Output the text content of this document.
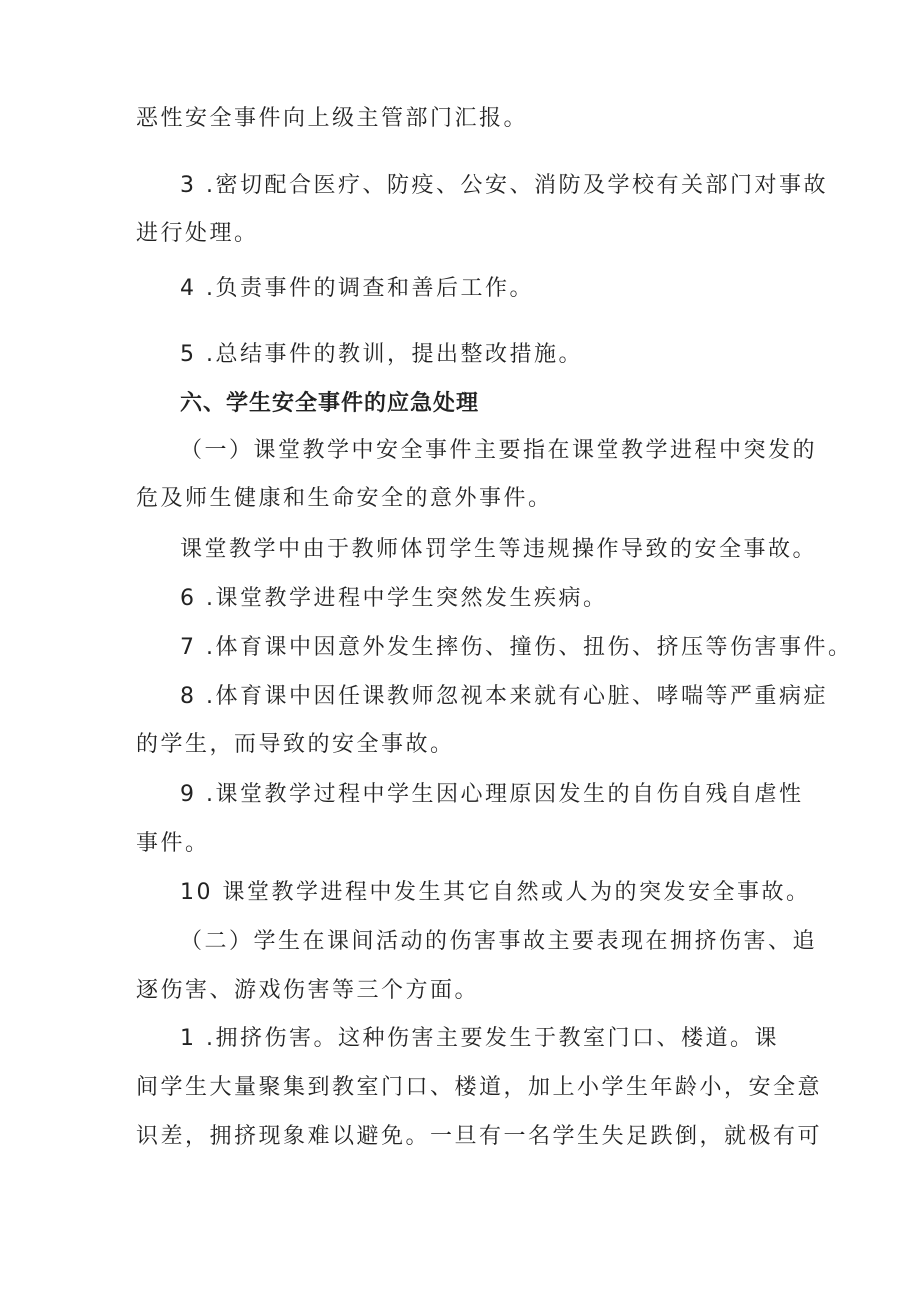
恶性安全事件向上级主管部门汇报。
3 .密切配合医疗、防疫、公安、消防及学校有关部门对事故
进行处理。
4 .负责事件的调查和善后工作。
5 .总结事件的教训，提出整改措施。
六、学生安全事件的应急处理
（一）课堂教学中安全事件主要指在课堂教学进程中突发的
危及师生健康和生命安全的意外事件。
课堂教学中由于教师体罚学生等违规操作导致的安全事故。
6 .课堂教学进程中学生突然发生疾病。
7 .体育课中因意外发生摔伤、撞伤、扭伤、挤压等伤害事件。
8 .体育课中因任课教师忽视本来就有心脏、哮喘等严重病症
的学生，而导致的安全事故。
9 .课堂教学过程中学生因心理原因发生的自伤自残自虐性
事件。
10 课堂教学进程中发生其它自然或人为的突发安全事故。
（二）学生在课间活动的伤害事故主要表现在拥挤伤害、追
逐伤害、游戏伤害等三个方面。
1 .拥挤伤害。这种伤害主要发生于教室门口、楼道。课
间学生大量聚集到教室门口、楼道，加上小学生年龄小，安全意
识差，拥挤现象难以避免。一旦有一名学生失足跌倒，就极有可
